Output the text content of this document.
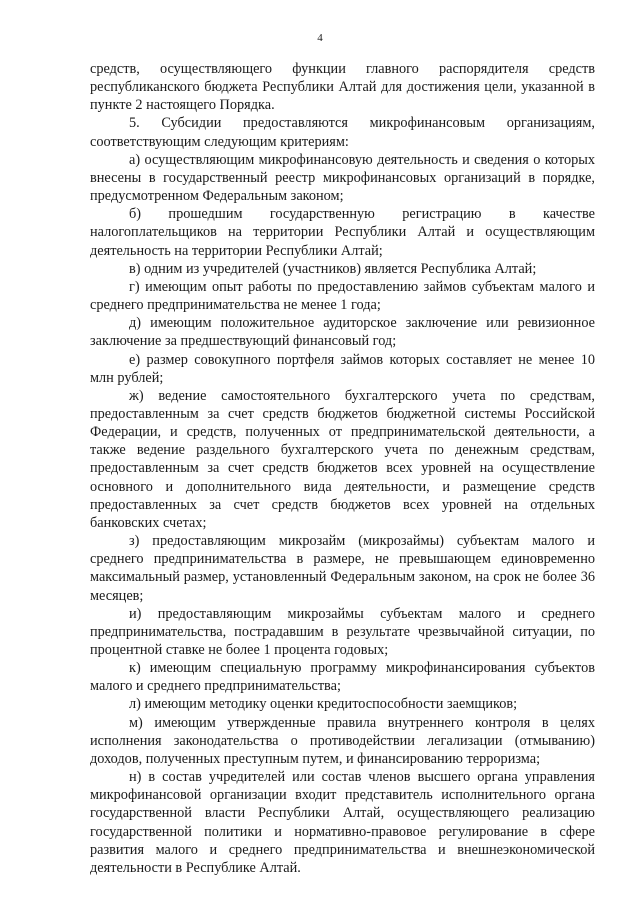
4

средств, осуществляющего функции главного распорядителя средств республиканского бюджета Республики Алтай для достижения цели, указанной в пункте 2 настоящего Порядка.

5. Субсидии предоставляются микрофинансовым организациям, соответствующим следующим критериям:

а) осуществляющим микрофинансовую деятельность и сведения о которых внесены в государственный реестр микрофинансовых организаций в порядке, предусмотренном Федеральным законом;

б) прошедшим государственную регистрацию в качестве налогоплательщиков на территории Республики Алтай и осуществляющим деятельность на территории Республики Алтай;

в) одним из учредителей (участников) является Республика Алтай;

г) имеющим опыт работы по предоставлению займов субъектам малого и среднего предпринимательства не менее 1 года;

д) имеющим положительное аудиторское заключение или ревизионное заключение за предшествующий финансовый год;

е) размер совокупного портфеля займов которых составляет не менее 10 млн рублей;

ж) ведение самостоятельного бухгалтерского учета по средствам, предоставленным за счет средств бюджетов бюджетной системы Российской Федерации, и средств, полученных от предпринимательской деятельности, а также ведение раздельного бухгалтерского учета по денежным средствам, предоставленным за счет средств бюджетов всех уровней на осуществление основного и дополнительного вида деятельности, и размещение средств предоставленных за счет средств бюджетов всех уровней на отдельных банковских счетах;

з) предоставляющим микрозайм (микрозаймы) субъектам малого и среднего предпринимательства в размере, не превышающем единовременно максимальный размер, установленный Федеральным законом, на срок не более 36 месяцев;

и) предоставляющим микрозаймы субъектам малого и среднего предпринимательства, пострадавшим в результате чрезвычайной ситуации, по процентной ставке не более 1 процента годовых;

к) имеющим специальную программу микрофинансирования субъектов малого и среднего предпринимательства;

л) имеющим методику оценки кредитоспособности заемщиков;

м) имеющим утвержденные правила внутреннего контроля в целях исполнения законодательства о противодействии легализации (отмыванию) доходов, полученных преступным путем, и финансированию терроризма;

н) в состав учредителей или состав членов высшего органа управления микрофинансовой организации входит представитель исполнительного органа государственной власти Республики Алтай, осуществляющего реализацию государственной политики и нормативно-правовое регулирование в сфере развития малого и среднего предпринимательства и внешнеэкономической деятельности в Республике Алтай.
